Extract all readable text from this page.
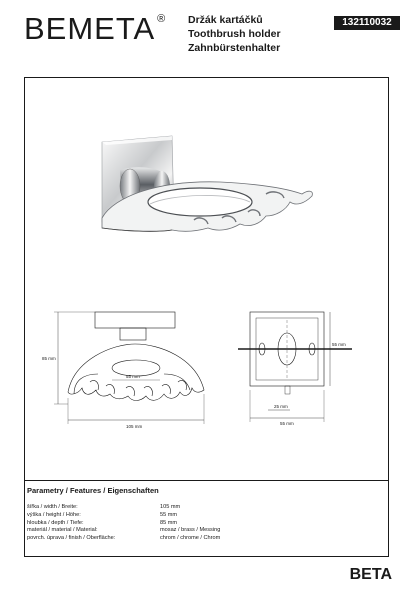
BEMETA ® Držák kartáčků
Toothbrush holder
Zahnbürstenhalter
132110032
85 mm
105 mm
55 mm
55 mm
25 mm
55 mm
Parametry / Features / Eigenschaften
šířka / width / Breite:	105 mm
výška / height / Höhe:	55 mm
hloubka / depth / Tiefe:	85 mm
materiál / material / Material:	mosaz / brass / Messing
povrch. úprava / finish / Oberfläche:	chrom / chrome / Chrom
BETA
